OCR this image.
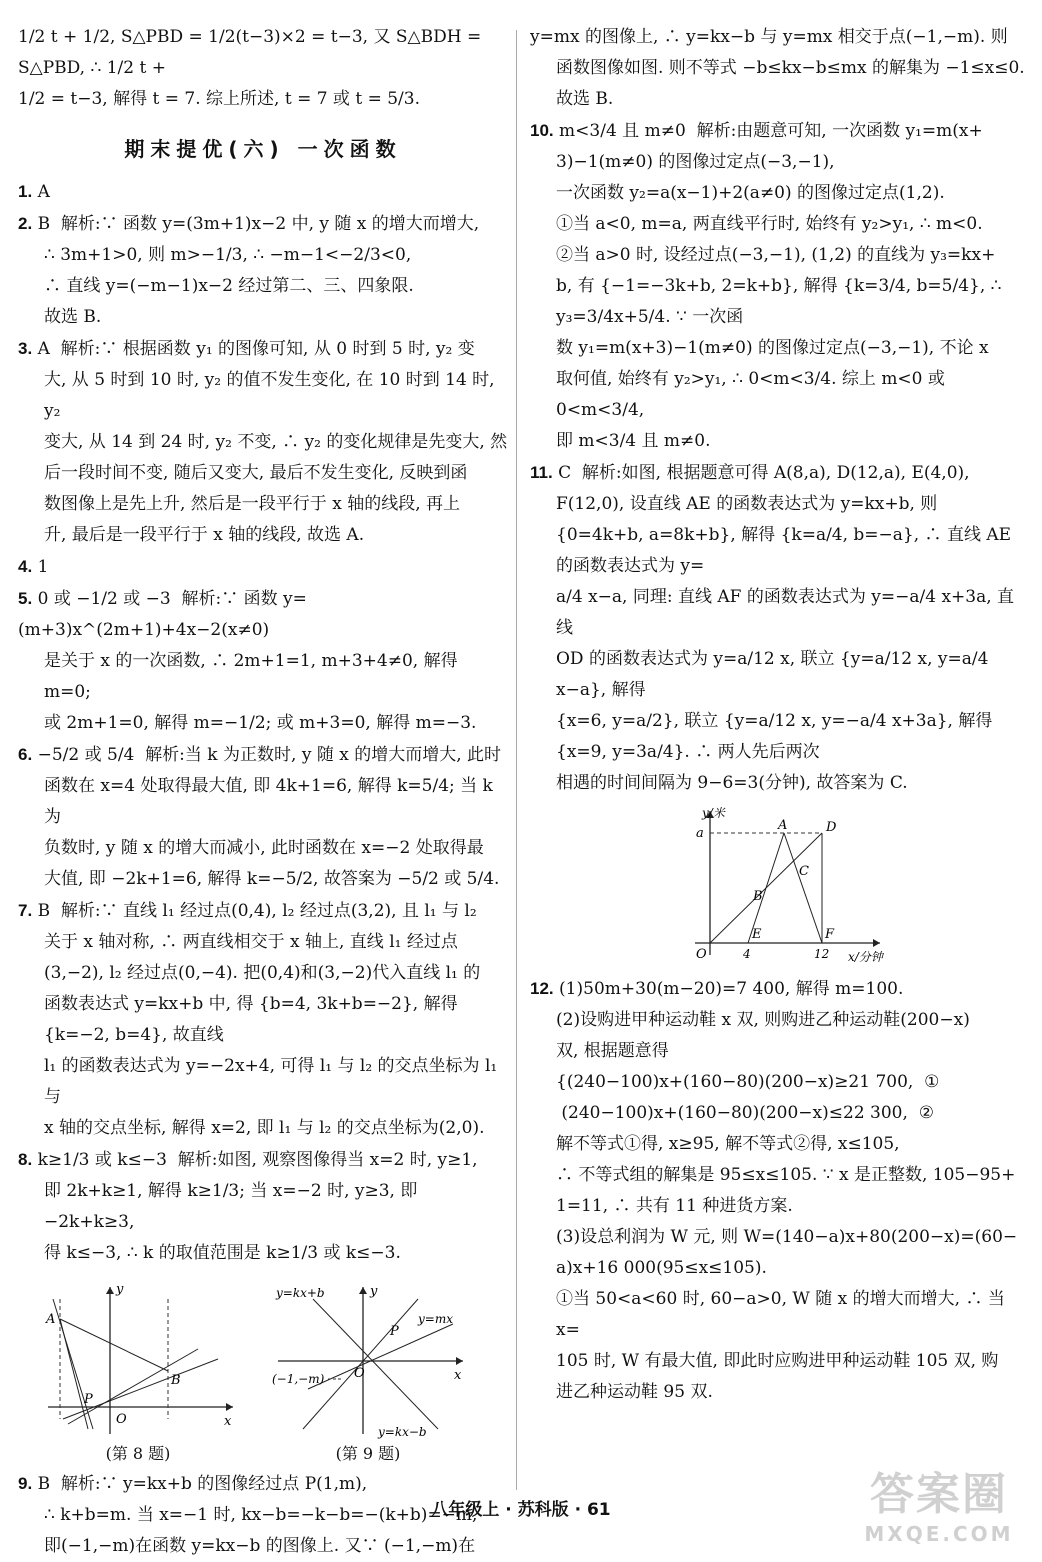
1/2 t + 1/2, S△PBD = 1/2(t−3)×2 = t−3, 又 S△BDH = S△PBD, ∴ 1/2 t +

1/2 = t−3, 解得 t = 7. 综上所述, t = 7 或 t = 5/3.

期末提优(六) 一次函数

1. A

2. B  解析:∵ 函数 y=(3m+1)x−2 中, y 随 x 的增大而增大,

∴ 3m+1>0, 则 m>−1/3, ∴ −m−1<−2/3<0,

∴ 直线 y=(−m−1)x−2 经过第二、三、四象限.

故选 B.

3. A  解析:∵ 根据函数 y₁ 的图像可知, 从 0 时到 5 时, y₂ 变

大, 从 5 时到 10 时, y₂ 的值不发生变化, 在 10 时到 14 时, y₂

变大, 从 14 到 24 时, y₂ 不变, ∴ y₂ 的变化规律是先变大, 然

后一段时间不变, 随后又变大, 最后不发生变化, 反映到函

数图像上是先上升, 然后是一段平行于 x 轴的线段, 再上

升, 最后是一段平行于 x 轴的线段, 故选 A.

4. 1

5. 0 或 −1/2 或 −3  解析:∵ 函数 y=(m+3)x^(2m+1)+4x−2(x≠0)

是关于 x 的一次函数, ∴ 2m+1=1, m+3+4≠0, 解得 m=0;

或 2m+1=0, 解得 m=−1/2; 或 m+3=0, 解得 m=−3.

6. −5/2 或 5/4  解析:当 k 为正数时, y 随 x 的增大而增大, 此时

函数在 x=4 处取得最大值, 即 4k+1=6, 解得 k=5/4; 当 k 为

负数时, y 随 x 的增大而减小, 此时函数在 x=−2 处取得最

大值, 即 −2k+1=6, 解得 k=−5/2, 故答案为 −5/2 或 5/4.

7. B  解析:∵ 直线 l₁ 经过点(0,4), l₂ 经过点(3,2), 且 l₁ 与 l₂

关于 x 轴对称, ∴ 两直线相交于 x 轴上, 直线 l₁ 经过点

(3,−2), l₂ 经过点(0,−4). 把(0,4)和(3,−2)代入直线 l₁ 的

函数表达式 y=kx+b 中, 得 {b=4, 3k+b=−2}, 解得 {k=−2, b=4}, 故直线

l₁ 的函数表达式为 y=−2x+4, 可得 l₁ 与 l₂ 的交点坐标为 l₁ 与

x 轴的交点坐标, 解得 x=2, 即 l₁ 与 l₂ 的交点坐标为(2,0).

8. k≥1/3 或 k≤−3  解析:如图, 观察图像得当 x=2 时, y≥1,

即 2k+k≥1, 解得 k≥1/3; 当 x=−2 时, y≥3, 即 −2k+k≥3,

得 k≤−3, ∴ k 的取值范围是 k≥1/3 或 k≤−3.

A
B
P
O
y
x
(第 8 题)
y=kx+b
y=mx
y=kx−b
(−1,−m)
P
O
y
x
(第 9 题)

9. B  解析:∵ y=kx+b 的图像经过点 P(1,m),

∴ k+b=m. 当 x=−1 时, kx−b=−k−b=−(k+b)=−m,

即(−1,−m)在函数 y=kx−b 的图像上. 又∵ (−1,−m)在

y=mx 的图像上, ∴ y=kx−b 与 y=mx 相交于点(−1,−m). 则

函数图像如图. 则不等式 −b≤kx−b≤mx 的解集为 −1≤x≤0.

故选 B.

10. m<3/4 且 m≠0  解析:由题意可知, 一次函数 y₁=m(x+

3)−1(m≠0) 的图像过定点(−3,−1),

一次函数 y₂=a(x−1)+2(a≠0) 的图像过定点(1,2).

①当 a<0, m=a, 两直线平行时, 始终有 y₂>y₁, ∴ m<0.

②当 a>0 时, 设经过点(−3,−1), (1,2) 的直线为 y₃=kx+

b, 有 {−1=−3k+b, 2=k+b}, 解得 {k=3/4, b=5/4}, ∴ y₃=3/4x+5/4. ∵ 一次函

数 y₁=m(x+3)−1(m≠0) 的图像过定点(−3,−1), 不论 x

取何值, 始终有 y₂>y₁, ∴ 0<m<3/4. 综上 m<0 或 0<m<3/4,

即 m<3/4 且 m≠0.

11. C  解析:如图, 根据题意可得 A(8,a), D(12,a), E(4,0),

F(12,0), 设直线 AE 的函数表达式为 y=kx+b, 则

{0=4k+b, a=8k+b}, 解得 {k=a/4, b=−a}, ∴ 直线 AE 的函数表达式为 y=

a/4 x−a, 同理: 直线 AF 的函数表达式为 y=−a/4 x+3a, 直线

OD 的函数表达式为 y=a/12 x, 联立 {y=a/12 x, y=a/4 x−a}, 解得

{x=6, y=a/2}, 联立 {y=a/12 x, y=−a/4 x+3a}, 解得 {x=9, y=3a/4}. ∴ 两人先后两次

相遇的时间间隔为 9−6=3(分钟), 故答案为 C.

y/米
x/分钟
O
a
4	12
A	D
C
B
E	F

12. (1)50m+30(m−20)=7 400, 解得 m=100.

(2)设购进甲种运动鞋 x 双, 则购进乙种运动鞋(200−x)

双, 根据题意得

{(240−100)x+(160−80)(200−x)≥21 700,  ①

(240−100)x+(160−80)(200−x)≤22 300,  ②

解不等式①得, x≥95, 解不等式②得, x≤105,

∴ 不等式组的解集是 95≤x≤105. ∵ x 是正整数, 105−95+

1=11, ∴ 共有 11 种进货方案.

(3)设总利润为 W 元, 则 W=(140−a)x+80(200−x)=(60−

a)x+16 000(95≤x≤105).

①当 50<a<60 时, 60−a>0, W 随 x 的增大而增大, ∴ 当 x=

105 时, W 有最大值, 即此时应购进甲种运动鞋 105 双, 购

进乙种运动鞋 95 双.

八年级上 · 苏科版 · 61	答案圈
MXQE.COM
